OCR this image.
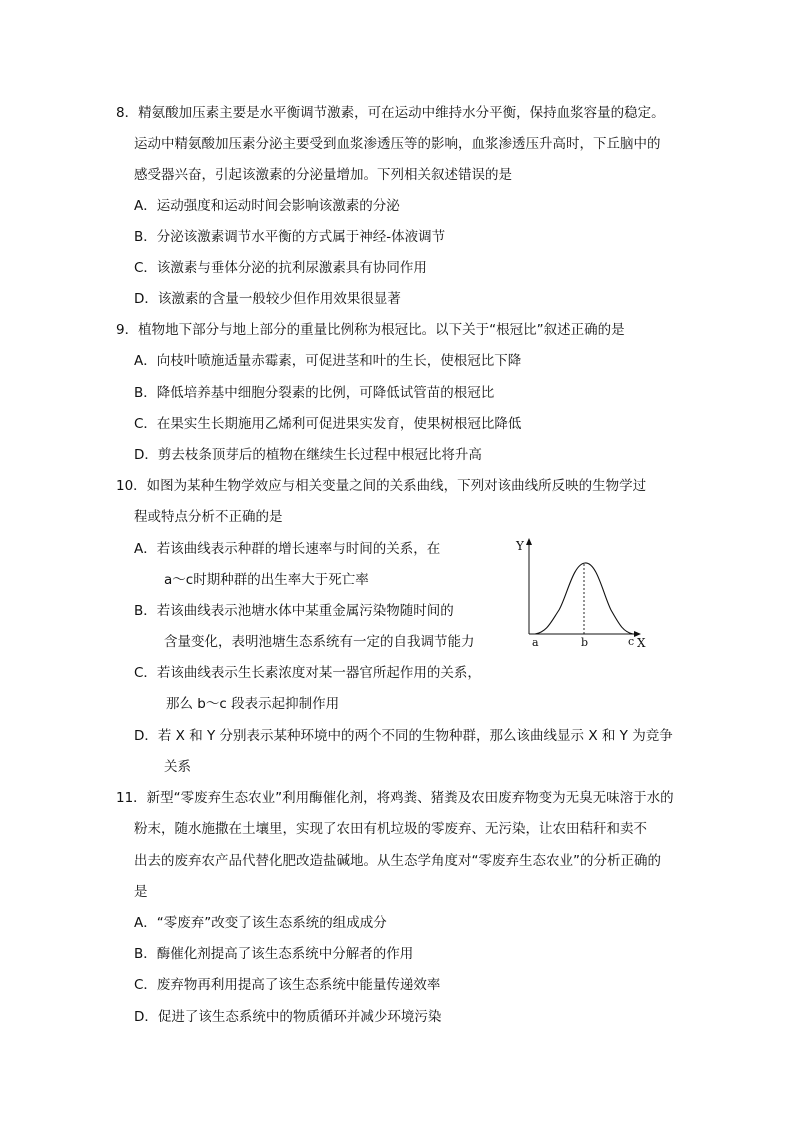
8．精氨酸加压素主要是水平衡调节激素，可在运动中维持水分平衡，保持血浆容量的稳定。
运动中精氨酸加压素分泌主要受到血浆渗透压等的影响，血浆渗透压升高时，下丘脑中的
感受器兴奋，引起该激素的分泌量增加。下列相关叙述错误的是
A．运动强度和运动时间会影响该激素的分泌
B．分泌该激素调节水平衡的方式属于神经-体液调节
C．该激素与垂体分泌的抗利尿激素具有协同作用
D．该激素的含量一般较少但作用效果很显著
9．植物地下部分与地上部分的重量比例称为根冠比。以下关于“根冠比”叙述正确的是
A．向枝叶喷施适量赤霉素，可促进茎和叶的生长，使根冠比下降
B．降低培养基中细胞分裂素的比例，可降低试管苗的根冠比
C．在果实生长期施用乙烯利可促进果实发育，使果树根冠比降低
D．剪去枝条顶芽后的植物在继续生长过程中根冠比将升高
10．如图为某种生物学效应与相关变量之间的关系曲线，下列对该曲线所反映的生物学过
程或特点分析不正确的是
A．若该曲线表示种群的增长速率与时间的关系，在
a～c时期种群的出生率大于死亡率
B．若该曲线表示池塘水体中某重金属污染物随时间的
含量变化，表明池塘生态系统有一定的自我调节能力
C．若该曲线表示生长素浓度对某一器官所起作用的关系，
那么 b～c 段表示起抑制作用
D．若 X 和 Y 分别表示某种环境中的两个不同的生物种群，那么该曲线显示 X 和 Y 为竞争
关系
Y
X
a	b	c
11．新型“零废弃生态农业”利用酶催化剂，将鸡粪、猪粪及农田废弃物变为无臭无味溶于水的
粉末，随水施撒在土壤里，实现了农田有机垃圾的零废弃、无污染，让农田秸秆和卖不
出去的废弃农产品代替化肥改造盐碱地。从生态学角度对“零废弃生态农业”的分析正确的
是
A．“零废弃”改变了该生态系统的组成成分
B．酶催化剂提高了该生态系统中分解者的作用
C．废弃物再利用提高了该生态系统中能量传递效率
D．促进了该生态系统中的物质循环并减少环境污染
